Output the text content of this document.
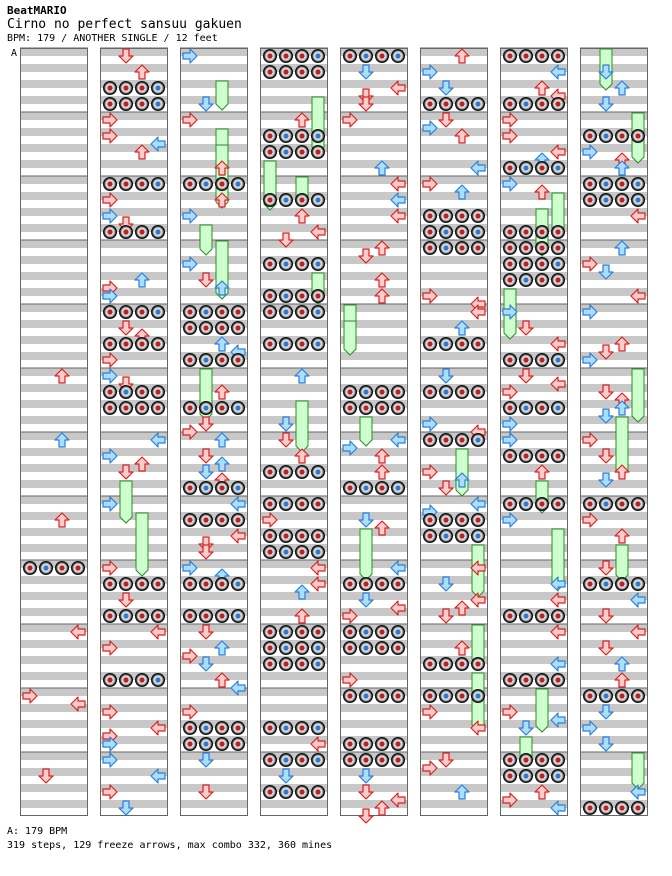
BeatMARIO
Cirno no perfect sansuu gakuen
BPM: 179 / ANOTHER SINGLE / 12 feet
A
A: 179 BPM
319 steps, 129 freeze arrows, max combo 332, 360 mines
